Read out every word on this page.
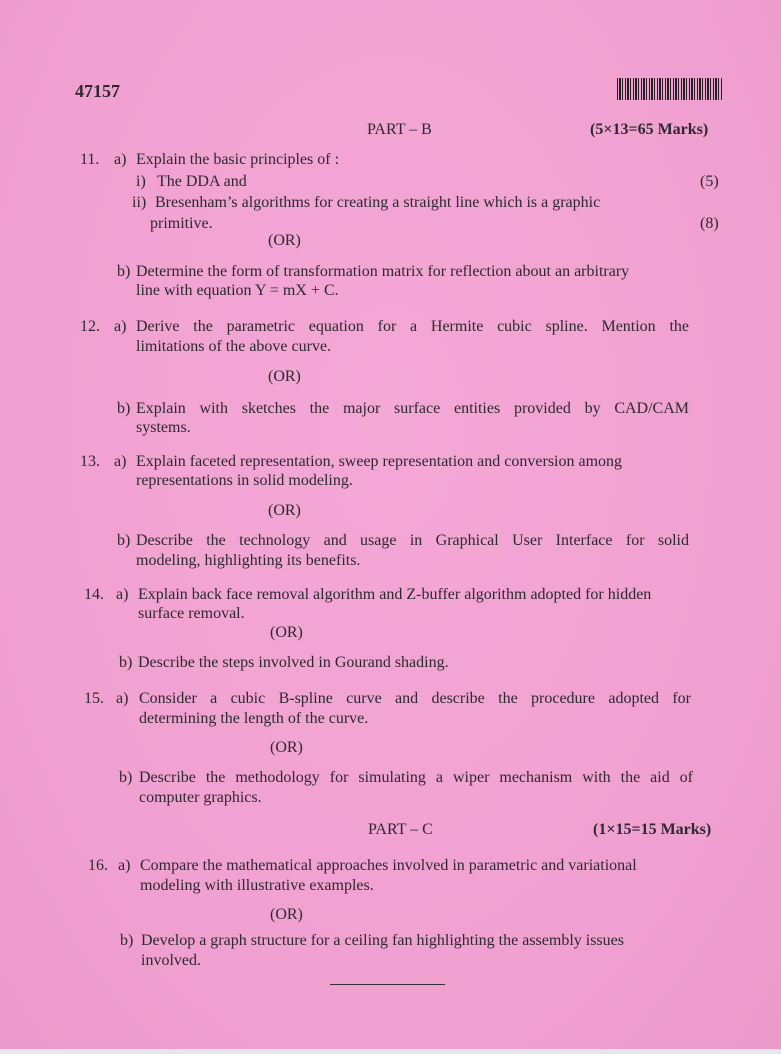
47157
PART – B	(5×13=65 Marks)
11. a) Explain the basic principles of :
i) The DDA and	(5)
ii) Bresenham’s algorithms for creating a straight line which is a graphic
primitive.	(8)
(OR)
b) Determine the form of transformation matrix for reflection about an arbitrary
line with equation Y = mX + C.
12. a) Derive the parametric equation for a Hermite cubic spline. Mention the
limitations of the above curve.
(OR)
b) Explain with sketches the major surface entities provided by CAD/CAM
systems.
13. a) Explain faceted representation, sweep representation and conversion among
representations in solid modeling.
(OR)
b) Describe the technology and usage in Graphical User Interface for solid
modeling, highlighting its benefits.
14. a) Explain back face removal algorithm and Z-buffer algorithm adopted for hidden
surface removal.
(OR)
b) Describe the steps involved in Gourand shading.
15. a) Consider a cubic B-spline curve and describe the procedure adopted for
determining the length of the curve.
(OR)
b) Describe the methodology for simulating a wiper mechanism with the aid of
computer graphics.
PART – C	(1×15=15 Marks)
16. a) Compare the mathematical approaches involved in parametric and variational
modeling with illustrative examples.
(OR)
b) Develop a graph structure for a ceiling fan highlighting the assembly issues
involved.
